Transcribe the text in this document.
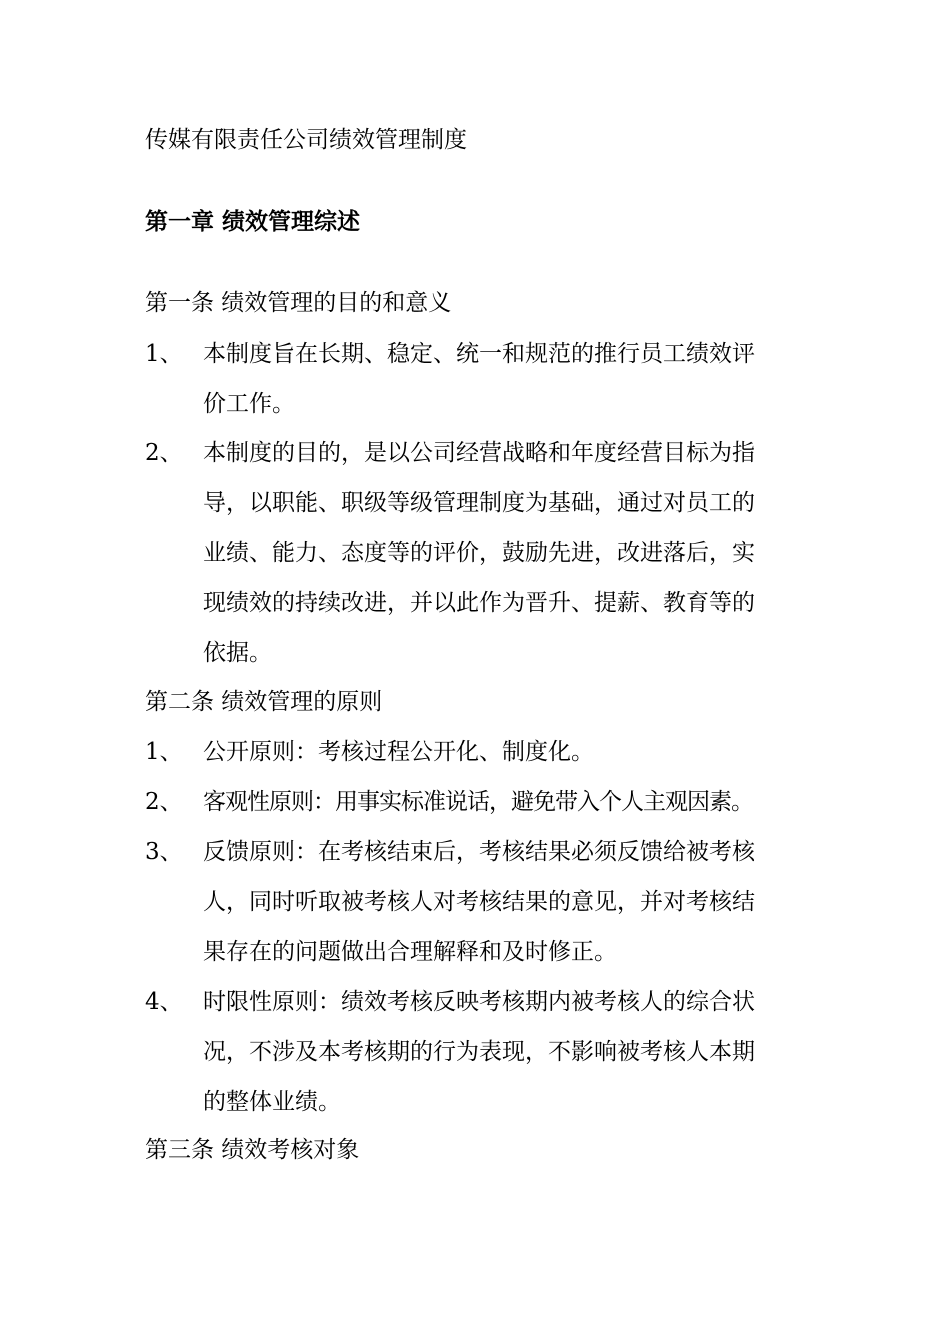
传媒有限责任公司绩效管理制度
第一章 绩效管理综述
第一条 绩效管理的目的和意义
1、 本制度旨在长期、稳定、统一和规范的推行员工绩效评
价工作。
2、 本制度的目的，是以公司经营战略和年度经营目标为指
导，以职能、职级等级管理制度为基础，通过对员工的
业绩、能力、态度等的评价，鼓励先进，改进落后，实
现绩效的持续改进，并以此作为晋升、提薪、教育等的
依据。
第二条 绩效管理的原则
1、 公开原则：考核过程公开化、制度化。
2、 客观性原则：用事实标准说话，避免带入个人主观因素。
3、 反馈原则：在考核结束后，考核结果必须反馈给被考核
人，同时听取被考核人对考核结果的意见，并对考核结
果存在的问题做出合理解释和及时修正。
4、 时限性原则：绩效考核反映考核期内被考核人的综合状
况，不涉及本考核期的行为表现，不影响被考核人本期
的整体业绩。
第三条 绩效考核对象
